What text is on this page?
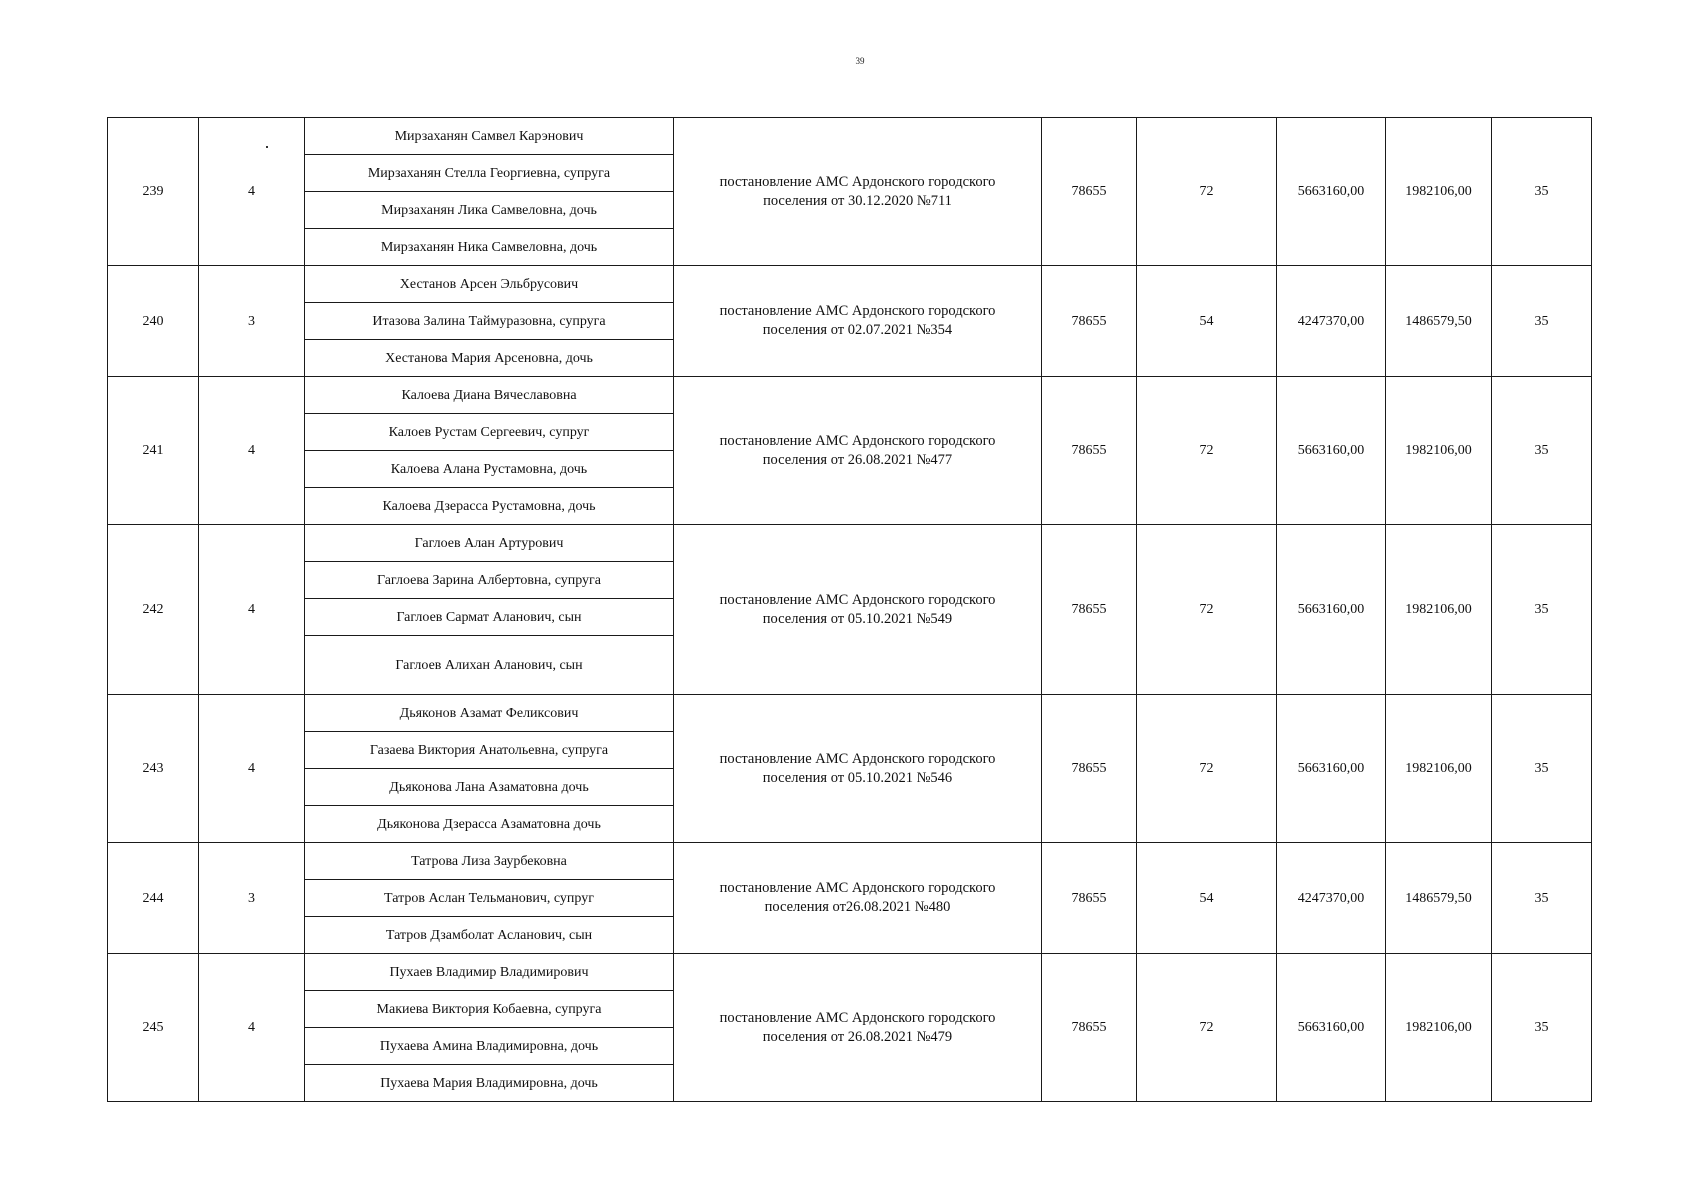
39
239	4	Мирзаханян Самвел Карэнович	постановление АМС Ардонского городского поселения от 30.12.2020 №711	78655	72	5663160,00	1982106,00	35
		Мирзаханян Стелла Георгиевна, супруга						
		Мирзаханян Лика Самвеловна, дочь						
		Мирзаханян Ника Самвеловна, дочь						
240	3	Хестанов Арсен Эльбрусович	постановление АМС Ардонского городского поселения от 02.07.2021 №354	78655	54	4247370,00	1486579,50	35
		Итазова Залина Таймуразовна, супруга						
		Хестанова Мария Арсеновна, дочь						
241	4	Калоева Диана Вячеславовна	постановление АМС Ардонского городского поселения от 26.08.2021 №477	78655	72	5663160,00	1982106,00	35
		Калоев Рустам Сергеевич, супруг						
		Калоева Алана Рустамовна, дочь						
		Калоева Дзерасса Рустамовна, дочь						
242	4	Гаглоев Алан Артурович	постановление АМС Ардонского городского поселения от 05.10.2021 №549	78655	72	5663160,00	1982106,00	35
		Гаглоева Зарина Албертовна, супруга						
		Гаглоев Сармат Аланович, сын						
		Гаглоев Алихан Аланович, сын						
243	4	Дьяконов Азамат Феликсович	постановление АМС Ардонского городского поселения от 05.10.2021 №546	78655	72	5663160,00	1982106,00	35
		Газаева Виктория Анатольевна, супруга						
		Дьяконова Лана Азаматовна дочь						
		Дьяконова Дзерасса Азаматовна дочь						
244	3	Татрова Лиза Заурбековна	постановление АМС Ардонского городского поселения от26.08.2021 №480	78655	54	4247370,00	1486579,50	35
		Татров Аслан Тельманович, супруг						
		Татров Дзамболат Асланович, сын						
245	4	Пухаев Владимир Владимирович	постановление АМС Ардонского городского поселения от 26.08.2021 №479	78655	72	5663160,00	1982106,00	35
		Макиева Виктория Кобаевна, супруга						
		Пухаева Амина Владимировна, дочь						
		Пухаева Мария Владимировна, дочь						
